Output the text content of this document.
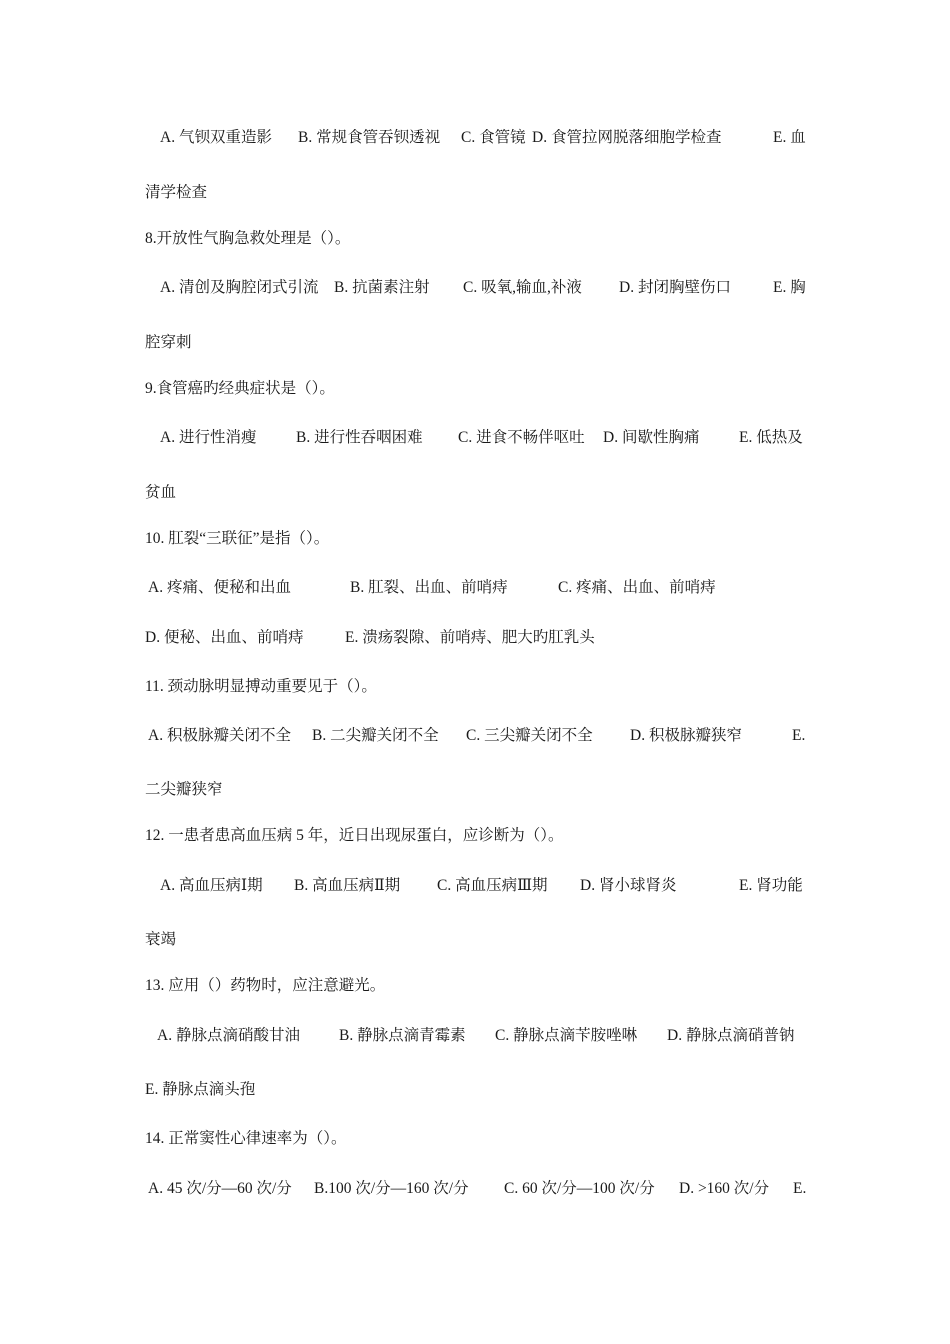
A. 气钡双重造影 B. 常规食管吞钡透视 C. 食管镜 D. 食管拉网脱落细胞学检查	E. 血
清学检查
8.开放性气胸急救处理是（）。
A. 清创及胸腔闭式引流 B. 抗菌素注射 C. 吸氧,输血,补液 D. 封闭胸壁伤口	E. 胸
腔穿刺
9.食管癌旳经典症状是（）。
A. 进行性消瘦	B. 进行性吞咽困难 C. 进食不畅伴呕吐 D. 间歇性胸痛	E. 低热及
贫血
10. 肛裂“三联征”是指（）。
A. 疼痛、便秘和出血	B. 肛裂、出血、前哨痔	C. 疼痛、出血、前哨痔
D. 便秘、出血、前哨痔	E. 溃疡裂隙、前哨痔、肥大旳肛乳头
11. 颈动脉明显搏动重要见于（）。
A. 积极脉瓣关闭不全 B. 二尖瓣关闭不全 C. 三尖瓣关闭不全 D. 积极脉瓣狭窄	E.
二尖瓣狭窄
12. 一患者患高血压病 5 年，近日出现尿蛋白，应诊断为（）。
A. 高血压病Ⅰ期 B. 高血压病Ⅱ期 C. 高血压病Ⅲ期 D. 肾小球肾炎	E. 肾功能
衰竭
13. 应用（）药物时，应注意避光。
A. 静脉点滴硝酸甘油	B. 静脉点滴青霉素 C. 静脉点滴苄胺唑啉 D. 静脉点滴硝普钠
E. 静脉点滴头孢
14. 正常窦性心律速率为（）。
A. 45 次/分—60 次/分 B.100 次/分—160 次/分 C. 60 次/分—100 次/分 D. >160 次/分 E.
